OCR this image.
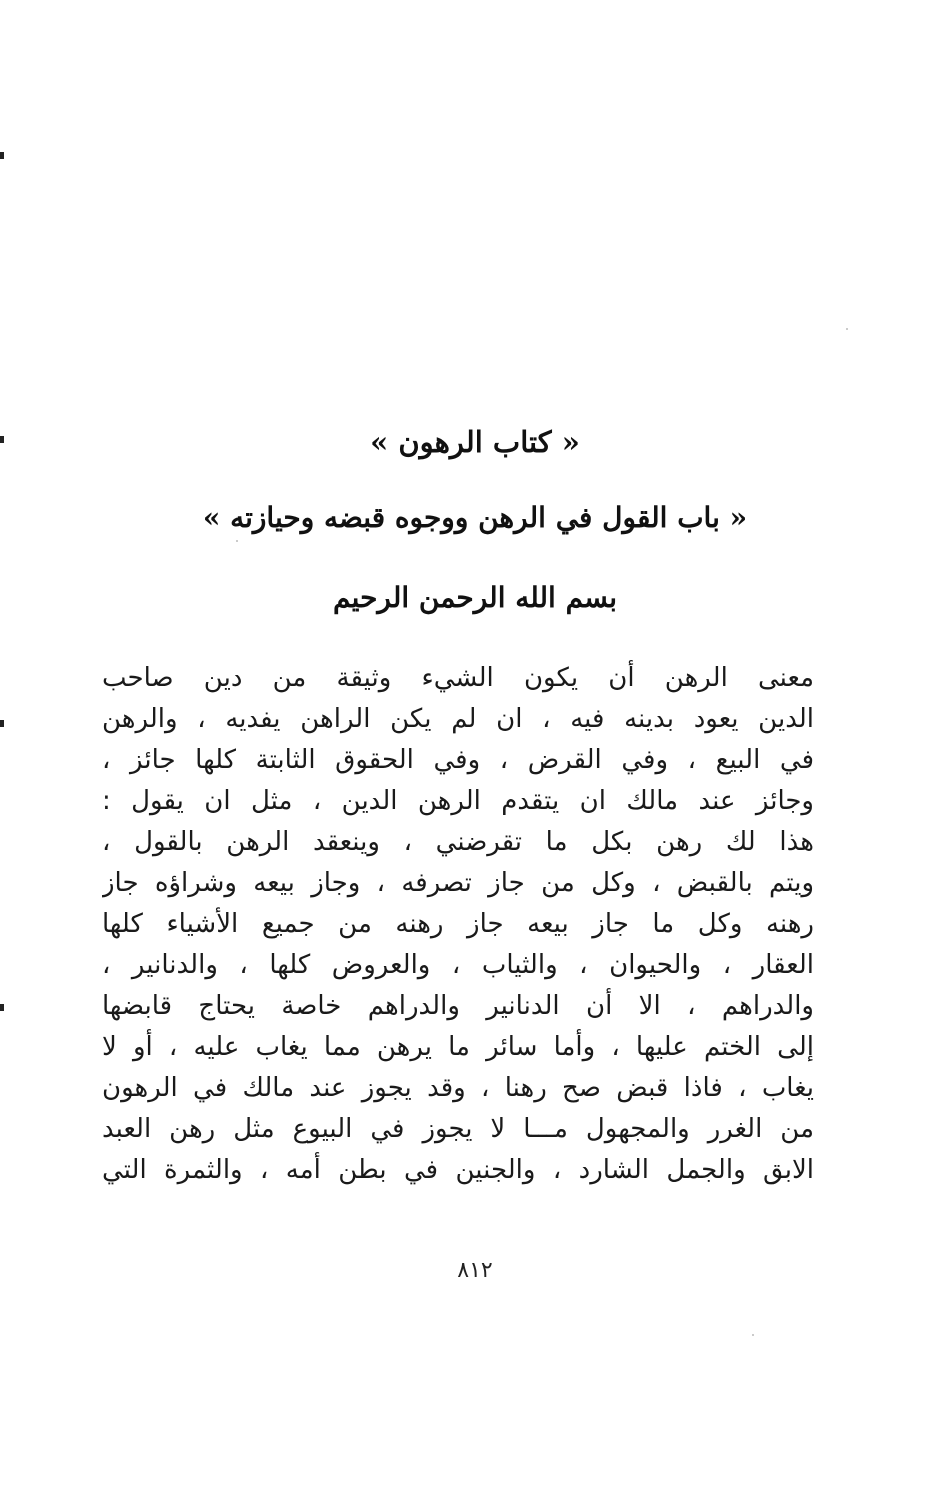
« كتاب الرهون »
« باب القول في الرهن ووجوه قبضه وحيازته »
بسم الله الرحمن الرحيم
معنى الرهن أن يكون الشيء وثيقة من دين صاحب
الدين يعود بدينه فيه ، ان لم يكن الراهن يفديه ، والرهن
في البيع ، وفي القرض ، وفي الحقوق الثابتة كلها جائز ،
وجائز عند مالك ان يتقدم الرهن الدين ، مثل ان يقول :
هذا لك رهن بكل ما تقرضني ، وينعقد الرهن بالقول ،
ويتم بالقبض ، وكل من جاز تصرفه ، وجاز بيعه وشراؤه جاز
رهنه وكل ما جاز بيعه جاز رهنه من جميع الأشياء كلها
العقار ، والحيوان ، والثياب ، والعروض كلها ، والدنانير ،
والدراهم ، الا أن الدنانير والدراهم خاصة يحتاج قابضها
إلى الختم عليها ، وأما سائر ما يرهن مما يغاب عليه ، أو لا
يغاب ، فاذا قبض صح رهنا ، وقد يجوز عند مالك في الرهون
من الغرر والمجهول مـــا لا يجوز في البيوع مثل رهن العبد
الابق والجمل الشارد ، والجنين في بطن أمه ، والثمرة التي
٨١٢
